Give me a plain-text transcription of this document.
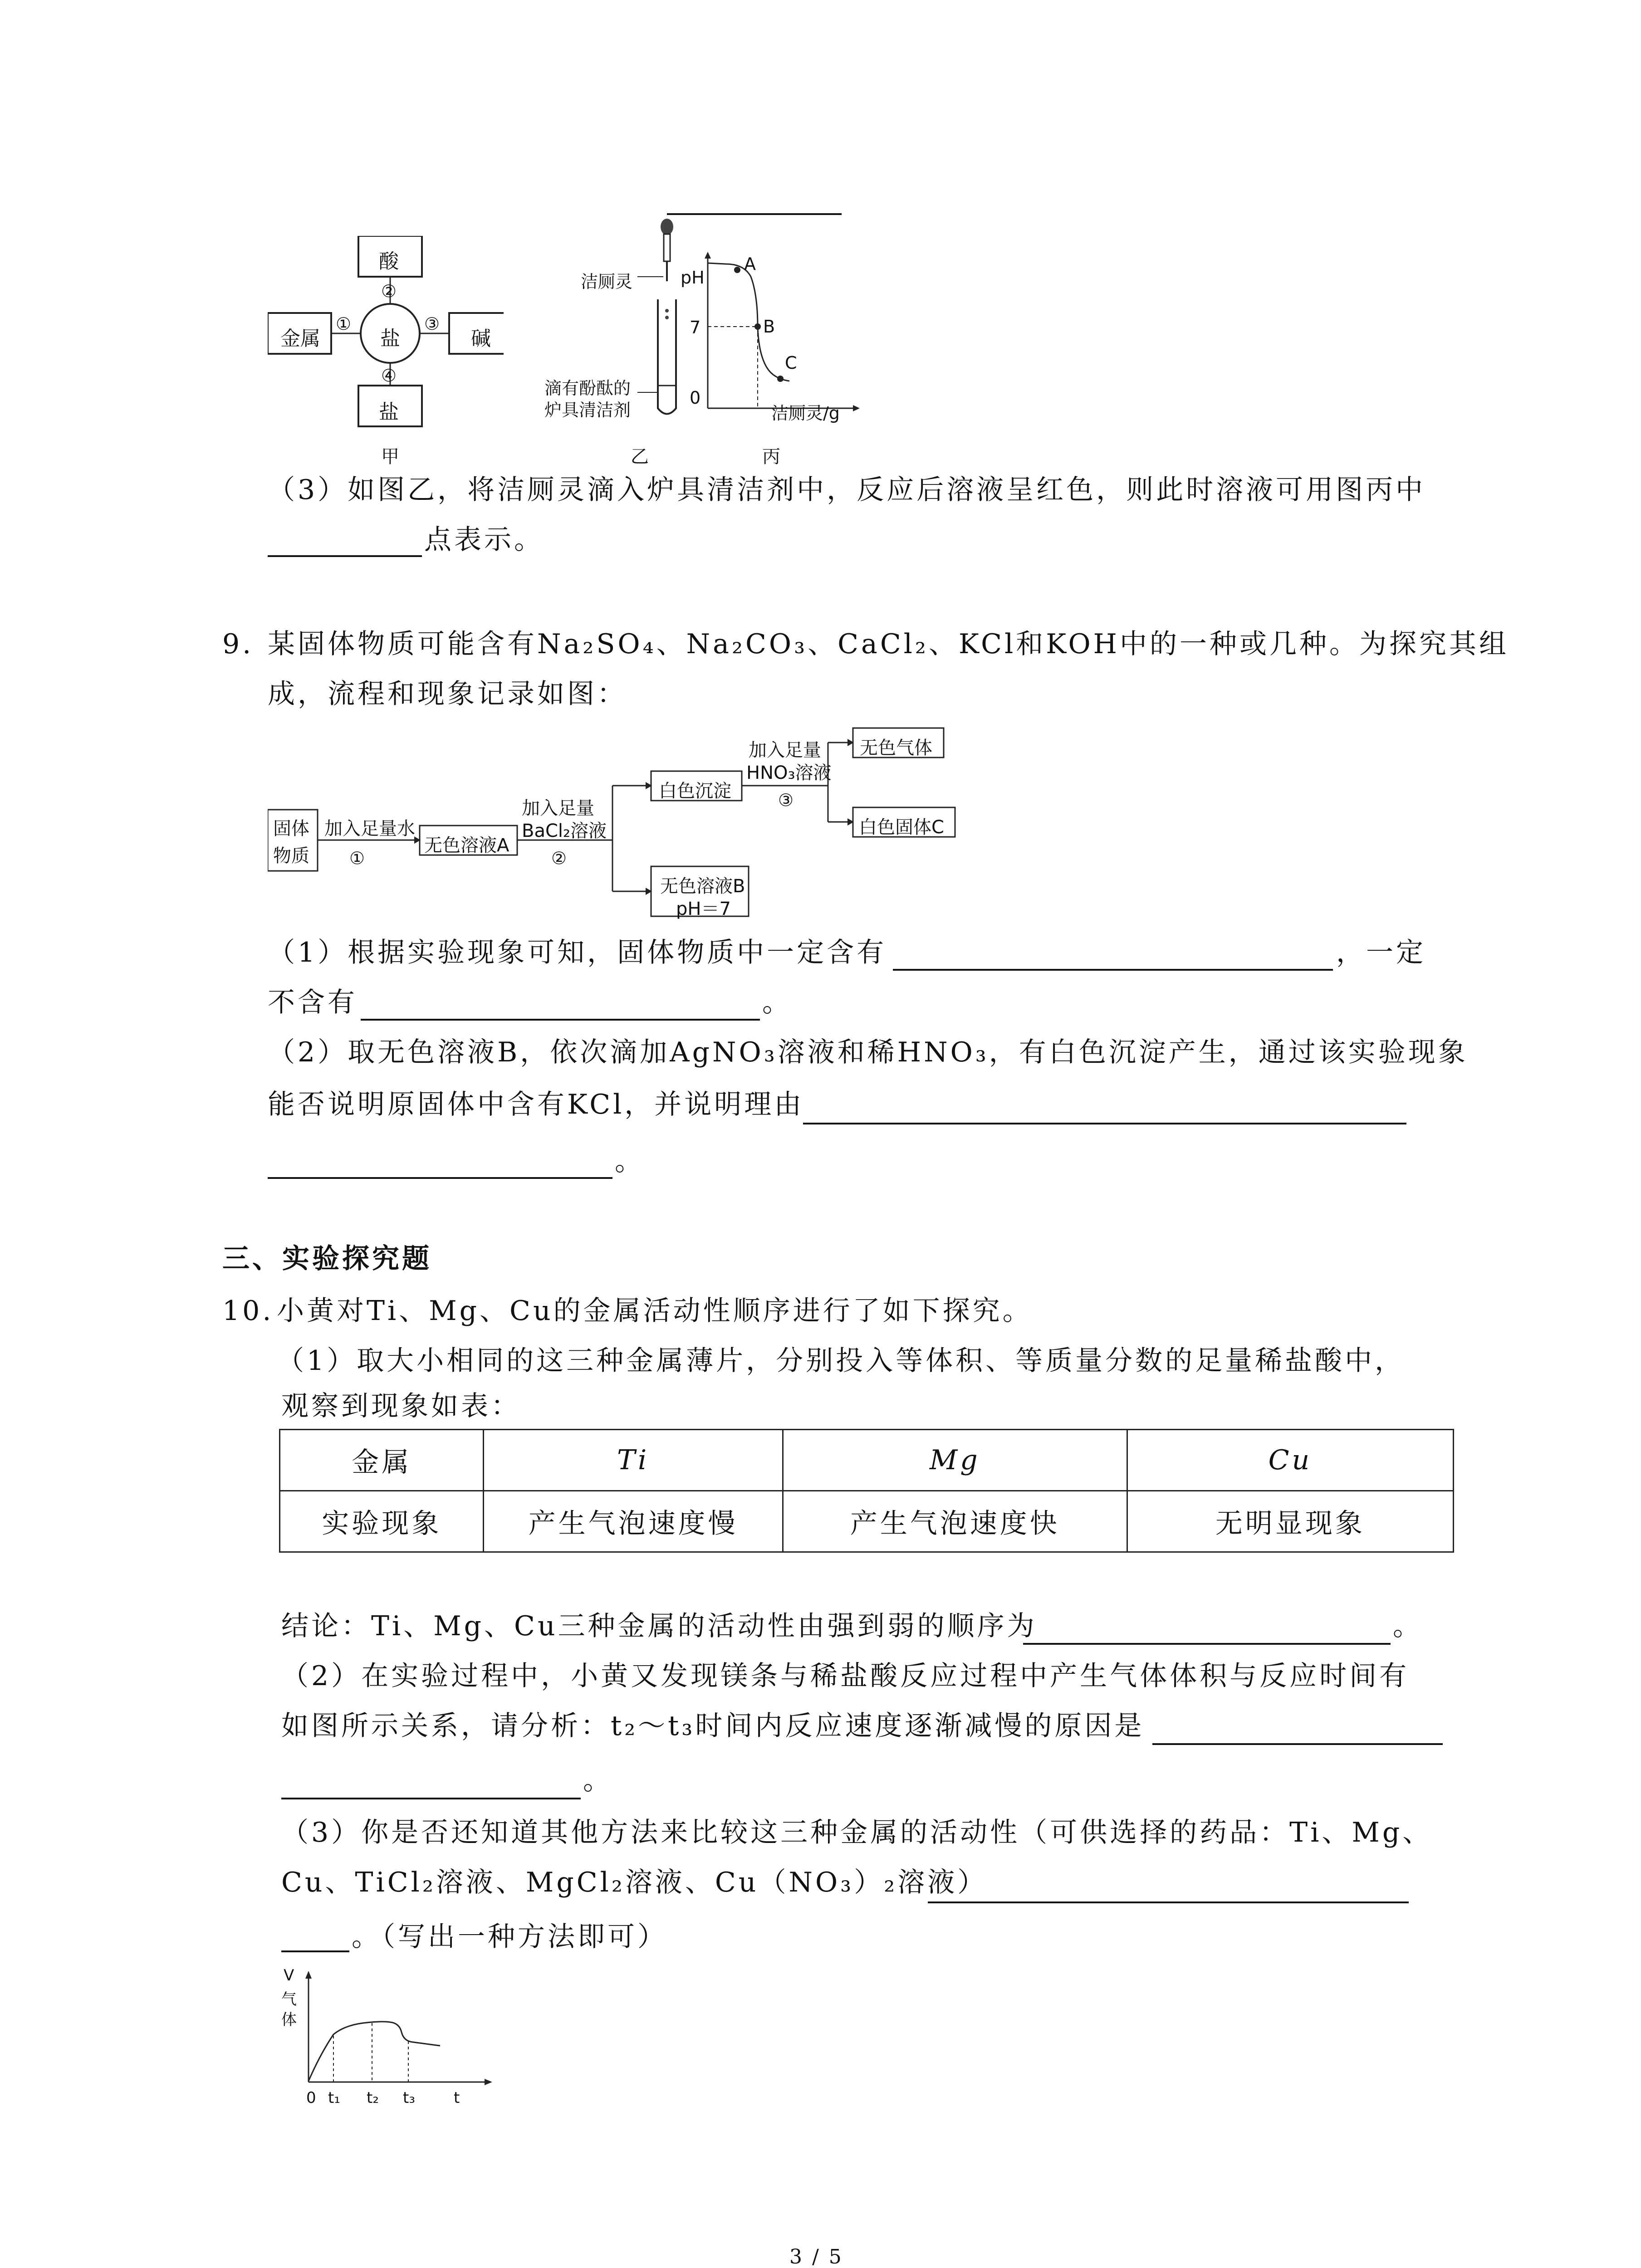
酸
金属	盐	碱
盐
②
①	③
④
甲
洁厕灵
滴有酚酞的
炉具清洁剂
乙
pH
7
0
A
B
C
洁厕灵/g
丙
（3）如图乙，将洁厕灵滴入炉具清洁剂中，反应后溶液呈红色，则此时溶液可用图丙中
点表示。
9. 某固体物质可能含有Na₂SO₄、Na₂CO₃、CaCl₂、KCl和KOH中的一种或几种。为探究其组
成，流程和现象记录如图：
固体
物质
加入足量水
①
无色溶液A
加入足量
BaCl₂溶液
②
白色沉淀
无色溶液B
pH＝7
加入足量
HNO₃溶液
③
无色气体
白色固体C
（1）根据实验现象可知，固体物质中一定含有	，一定
不含有	。
（2）取无色溶液B，依次滴加AgNO₃溶液和稀HNO₃，有白色沉淀产生，通过该实验现象
能否说明原固体中含有KCl，并说明理由
。
三、实验探究题
10. 小黄对Ti、Mg、Cu的金属活动性顺序进行了如下探究。
（1）取大小相同的这三种金属薄片，分别投入等体积、等质量分数的足量稀盐酸中，
观察到现象如表：
金属	Ti	Mg	Cu
实验现象	产生气泡速度慢	产生气泡速度快	无明显现象
结论：Ti、Mg、Cu三种金属的活动性由强到弱的顺序为	。
（2）在实验过程中，小黄又发现镁条与稀盐酸反应过程中产生气体体积与反应时间有
如图所示关系，请分析：t₂～t₃时间内反应速度逐渐减慢的原因是
。
（3）你是否还知道其他方法来比较这三种金属的活动性（可供选择的药品：Ti、Mg、
Cu、TiCl₂溶液、MgCl₂溶液、Cu（NO₃）₂溶液）
。（写出一种方法即可）
V
气
体
0 t₁ t₂ t₃	t
3 / 5
